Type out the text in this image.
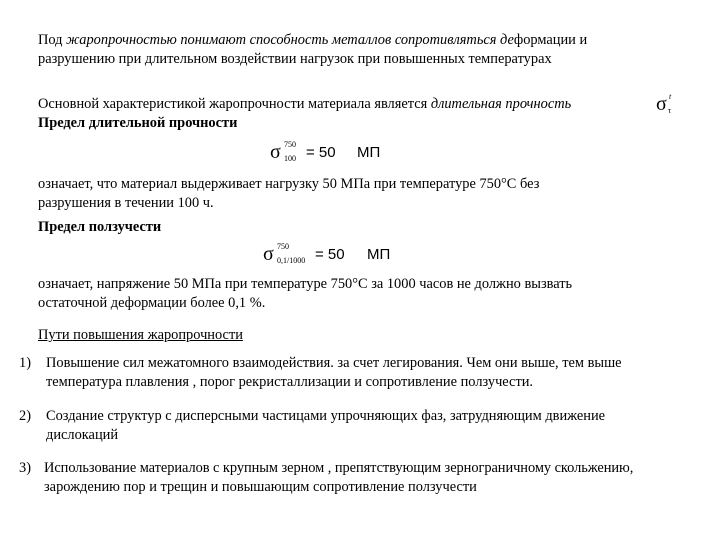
Под жаропрочностью понимают способность металлов сопротивляться деформации и
разрушению при длительном воздействии нагрузок при повышенных температурах
Основной характеристикой жаропрочности материала является длительная прочность	σ t
τ
Предел длительной прочности
σ 750
100 = 50 МП
означает, что материал выдерживает нагрузку 50 МПа при температуре 750°С без
разрушения в течении 100 ч.
Предел ползучести
σ 750
0,1/1000 = 50 МП
означает, напряжение 50 МПа при температуре 750°С за 1000 часов не должно вызвать
остаточной деформации более 0,1 %.
Пути повышения жаропрочности
1) Повышение сил межатомного взаимодействия. за счет легирования. Чем они выше, тем выше
температура плавления , порог рекристаллизации и сопротивление ползучести.
2) Создание структур с дисперсными частицами упрочняющих фаз, затрудняющим движение
дислокаций
3) Использование материалов с крупным зерном , препятствующим зернограничному скольжению,
зарождению пор и трещин и повышающим сопротивление ползучести
